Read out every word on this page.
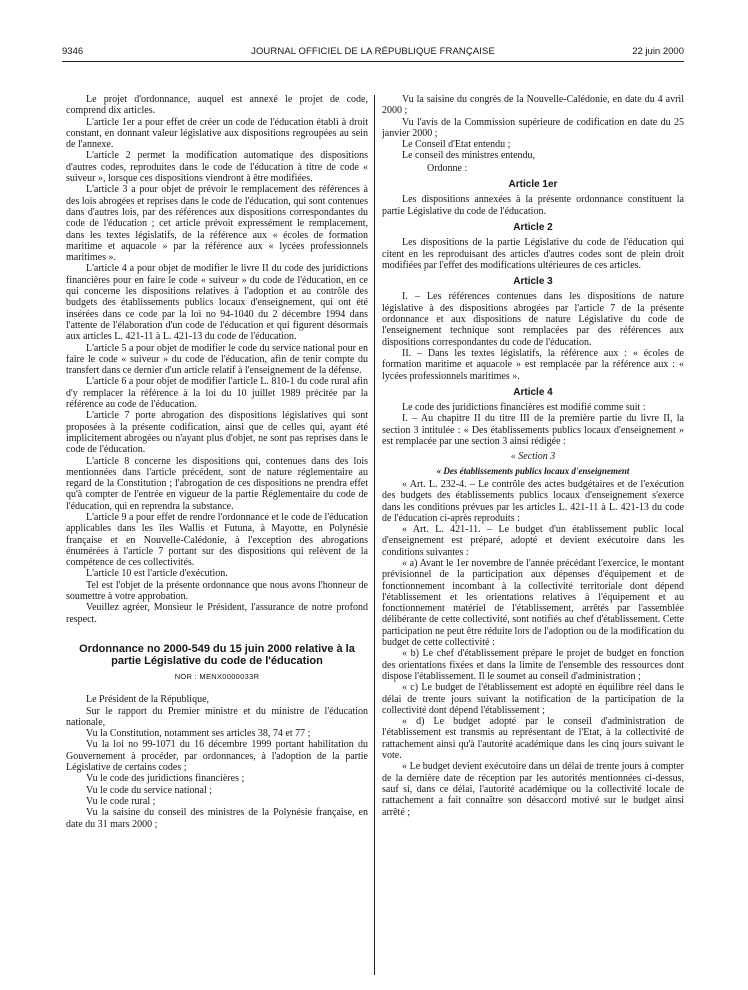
9346	JOURNAL OFFICIEL DE LA RÉPUBLIQUE FRANÇAISE	22 juin 2000

Le projet d'ordonnance, auquel est annexé le projet de code, comprend dix articles.

L'article 1er a pour effet de créer un code de l'éducation établi à droit constant, en donnant valeur législative aux dispositions regroupées au sein de l'annexe.

L'article 2 permet la modification automatique des dispositions d'autres codes, reproduites dans le code de l'éducation à titre de code « suiveur », lorsque ces dispositions viendront à être modifiées.

L'article 3 a pour objet de prévoir le remplacement des références à des lois abrogées et reprises dans le code de l'éducation, qui sont contenues dans d'autres lois, par des références aux dispositions correspondantes du code de l'éducation ; cet article prévoit expressément le remplacement, dans les textes législatifs, de la référence aux « écoles de formation maritime et aquacole » par la référence aux « lycées professionnels maritimes ».

L'article 4 a pour objet de modifier le livre II du code des juridictions financières pour en faire le code « suiveur » du code de l'éducation, en ce qui concerne les dispositions relatives à l'adoption et au contrôle des budgets des établissements publics locaux d'enseignement, qui ont été insérées dans ce code par la loi no 94-1040 du 2 décembre 1994 dans l'attente de l'élaboration d'un code de l'éducation et qui figurent désormais aux articles L. 421-11 à L. 421-13 du code de l'éducation.

L'article 5 a pour objet de modifier le code du service national pour en faire le code « suiveur » du code de l'éducation, afin de tenir compte du transfert dans ce dernier d'un article relatif à l'enseignement de la défense.

L'article 6 a pour objet de modifier l'article L. 810-1 du code rural afin d'y remplacer la référence à la loi du 10 juillet 1989 précitée par la référence au code de l'éducation.

L'article 7 porte abrogation des dispositions législatives qui sont proposées à la présente codification, ainsi que de celles qui, ayant été implicitement abrogées ou n'ayant plus d'objet, ne sont pas reprises dans le code de l'éducation.

L'article 8 concerne les dispositions qui, contenues dans des lois mentionnées dans l'article précédent, sont de nature réglementaire au regard de la Constitution ; l'abrogation de ces dispositions ne prendra effet qu'à compter de l'entrée en vigueur de la partie Réglementaire du code de l'éducation, qui en reprendra la substance.

L'article 9 a pour effet de rendre l'ordonnance et le code de l'éducation applicables dans les îles Wallis et Futuna, à Mayotte, en Polynésie française et en Nouvelle-Calédonie, à l'exception des abrogations énumérées à l'article 7 portant sur des dispositions qui relèvent de la compétence de ces collectivités.

L'article 10 est l'article d'exécution.

Tel est l'objet de la présente ordonnance que nous avons l'honneur de soumettre à votre approbation.

Veuillez agréer, Monsieur le Président, l'assurance de notre profond respect.

Ordonnance no 2000-549 du 15 juin 2000 relative à la partie Législative du code de l'éducation
NOR : MENX0000033R

Le Président de la République,

Sur le rapport du Premier ministre et du ministre de l'éducation nationale,

Vu la Constitution, notamment ses articles 38, 74 et 77 ;

Vu la loi no 99-1071 du 16 décembre 1999 portant habilitation du Gouvernement à procéder, par ordonnances, à l'adoption de la partie Législative de certains codes ;

Vu le code des juridictions financières ;

Vu le code du service national ;

Vu le code rural ;

Vu la saisine du conseil des ministres de la Polynésie française, en date du 31 mars 2000 ;

Vu la saisine du congrès de la Nouvelle-Calédonie, en date du 4 avril 2000 ;

Vu l'avis de la Commission supérieure de codification en date du 25 janvier 2000 ;

Le Conseil d'Etat entendu ;

Le conseil des ministres entendu,

Ordonne :

Article 1er

Les dispositions annexées à la présente ordonnance constituent la partie Législative du code de l'éducation.

Article 2

Les dispositions de la partie Législative du code de l'éducation qui citent en les reproduisant des articles d'autres codes sont de plein droit modifiées par l'effet des modifications ultérieures de ces articles.

Article 3

I. – Les références contenues dans les dispositions de nature législative à des dispositions abrogées par l'article 7 de la présente ordonnance et aux dispositions de nature Législative du code de l'enseignement technique sont remplacées par des références aux dispositions correspondantes du code de l'éducation.

II. – Dans les textes législatifs, la référence aux : « écoles de formation maritime et aquacole » est remplacée par la référence aux : « lycées professionnels maritimes ».

Article 4

Le code des juridictions financières est modifié comme suit :

I. – Au chapitre II du titre III de la première partie du livre II, la section 3 intitulée : « Des établissements publics locaux d'enseignement » est remplacée par une section 3 ainsi rédigée :

« Section 3

« Des établissements publics locaux d'enseignement

« Art. L. 232-4. – Le contrôle des actes budgétaires et de l'exécution des budgets des établissements publics locaux d'enseignement s'exerce dans les conditions prévues par les articles L. 421-11 à L. 421-13 du code de l'éducation ci-après reproduits :

« Art. L. 421-11. – Le budget d'un établissement public local d'enseignement est préparé, adopté et devient exécutoire dans les conditions suivantes :

« a) Avant le 1er novembre de l'année précédant l'exercice, le montant prévisionnel de la participation aux dépenses d'équipement et de fonctionnement incombant à la collectivité territoriale dont dépend l'établissement et les orientations relatives à l'équipement et au fonctionnement matériel de l'établissement, arrêtés par l'assemblée délibérante de cette collectivité, sont notifiés au chef d'établissement. Cette participation ne peut être réduite lors de l'adoption ou de la modification du budget de cette collectivité :

« b) Le chef d'établissement prépare le projet de budget en fonction des orientations fixées et dans la limite de l'ensemble des ressources dont dispose l'établissement. Il le soumet au conseil d'administration ;

« c) Le budget de l'établissement est adopté en équilibre réel dans le délai de trente jours suivant la notification de la participation de la collectivité dont dépend l'établissement ;

« d) Le budget adopté par le conseil d'administration de l'établissement est transmis au représentant de l'Etat, à la collectivité de rattachement ainsi qu'à l'autorité académique dans les cinq jours suivant le vote.

« Le budget devient exécutoire dans un délai de trente jours à compter de la dernière date de réception par les autorités mentionnées ci-dessus, sauf si, dans ce délai, l'autorité académique ou la collectivité locale de rattachement a fait connaître son désaccord motivé sur le budget ainsi arrêté ;
